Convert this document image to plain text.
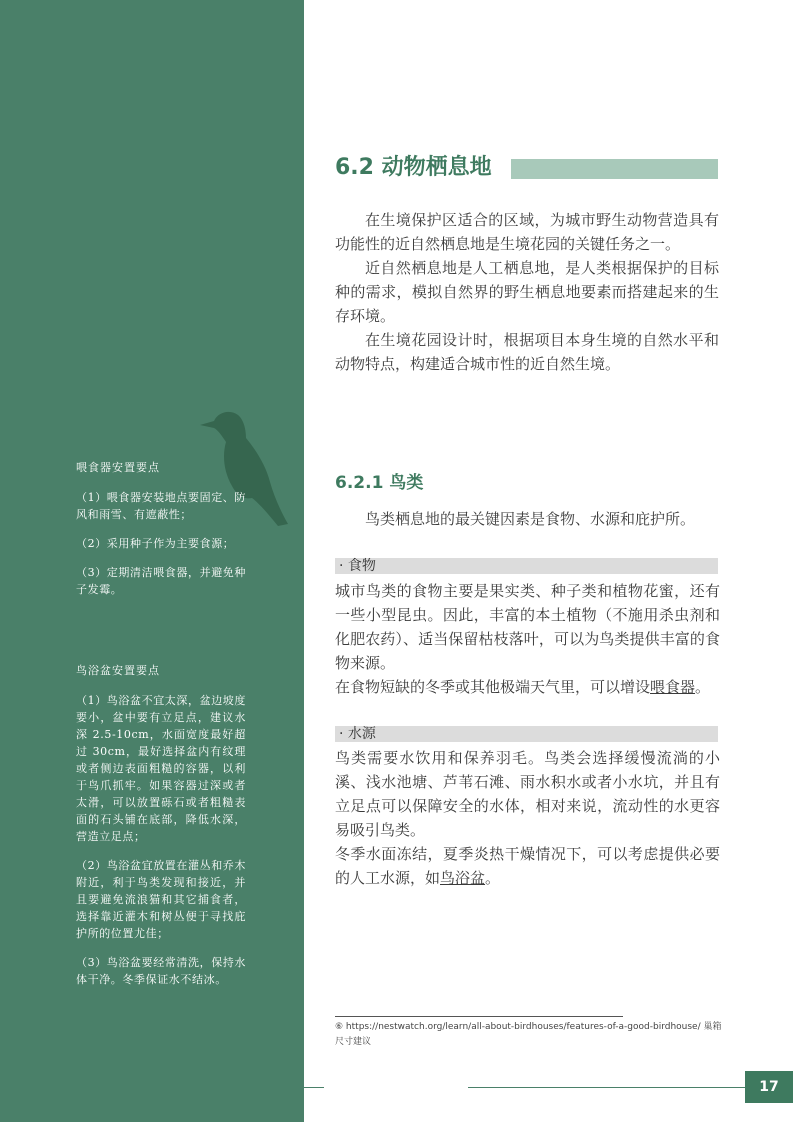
喂食器安置要点

（1）喂食器安装地点要固定、防风和雨雪、有遮蔽性；

（2）采用种子作为主要食源；

（3）定期清洁喂食器，并避免种子发霉。

鸟浴盆安置要点

（1）鸟浴盆不宜太深，盆边坡度要小，盆中要有立足点，建议水深 2.5-10cm，水面宽度最好超过 30cm，最好选择盆内有纹理或者侧边表面粗糙的容器，以利于鸟爪抓牢。如果容器过深或者太滑，可以放置砾石或者粗糙表面的石头铺在底部，降低水深，营造立足点；

（2）鸟浴盆宜放置在灌丛和乔木附近，利于鸟类发现和接近，并且要避免流浪猫和其它捕食者，选择靠近灌木和树丛便于寻找庇护所的位置尤佳；

（3）鸟浴盆要经常清洗，保持水体干净。冬季保证水不结冰。

6.2 动物栖息地

在生境保护区适合的区域，为城市野生动物营造具有功能性的近自然栖息地是生境花园的关键任务之一。

近自然栖息地是人工栖息地，是人类根据保护的目标种的需求，模拟自然界的野生栖息地要素而搭建起来的生存环境。

在生境花园设计时，根据项目本身生境的自然水平和动物特点，构建适合城市性的近自然生境。

6.2.1 鸟类

鸟类栖息地的最关键因素是食物、水源和庇护所。

· 食物

城市鸟类的食物主要是果实类、种子类和植物花蜜，还有一些小型昆虫。因此，丰富的本土植物（不施用杀虫剂和化肥农药）、适当保留枯枝落叶，可以为鸟类提供丰富的食物来源。

在食物短缺的冬季或其他极端天气里，可以增设喂食器。

· 水源

鸟类需要水饮用和保养羽毛。鸟类会选择缓慢流淌的小溪、浅水池塘、芦苇石滩、雨水积水或者小水坑，并且有立足点可以保障安全的水体，相对来说，流动性的水更容易吸引鸟类。

冬季水面冻结，夏季炎热干燥情况下，可以考虑提供必要的人工水源，如鸟浴盆。

⑥ https://nestwatch.org/learn/all-about-birdhouses/features-of-a-good-birdhouse/ 巢箱尺寸建议

17
